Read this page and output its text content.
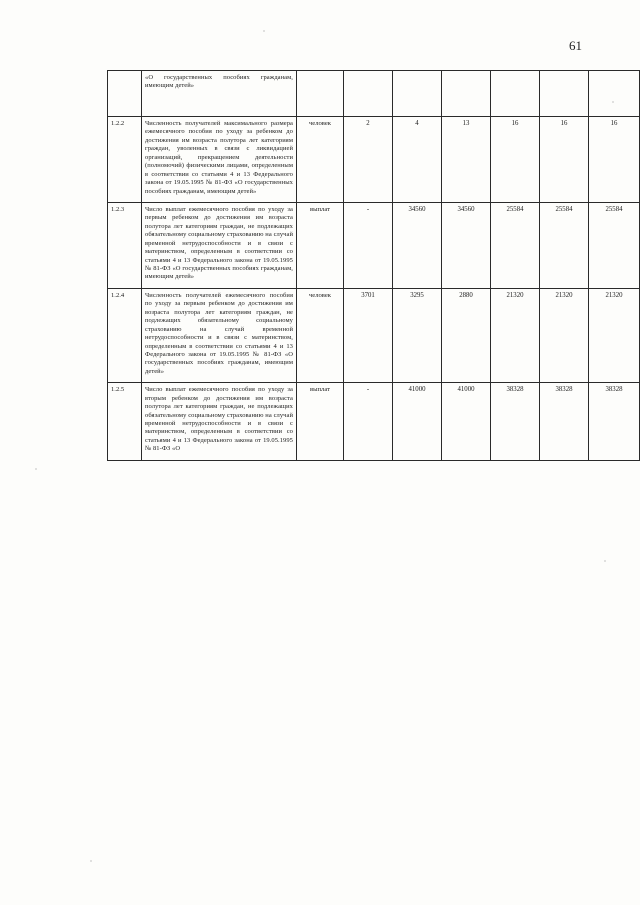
61
	«О государственных пособиях гражданам, имеющим детей»							
1.2.2	Численность получателей максимального размера ежемесячного пособия по уходу за ребенком до достижения им возраста полутора лет категориям граждан, уволенных в связи с ликвидацией организаций, прекращением деятельности (полномочий) физическими лицами, определенным в соответствии со статьями 4 и 13 Федерального закона от 19.05.1995 № 81-ФЗ «О государственных пособиях гражданам, имеющим детей»	человек	2	4	13	16	16	16
1.2.3	Число выплат ежемесячного пособия по уходу за первым ребенком до достижения им возраста полутора лет категориям граждан, не подлежащих обязательному социальному страхованию на случай временной нетрудоспособности и в связи с материнством, определенным в соответствии со статьями 4 и 13 Федерального закона от 19.05.1995 № 81-ФЗ «О государственных пособиях гражданам, имеющим детей»	выплат	-	34560	34560	25584	25584	25584
1.2.4	Численность получателей ежемесячного пособия по уходу за первым ребенком до достижения им возраста полутора лет категориям граждан, не подлежащих обязательному социальному страхованию на случай временной нетрудоспособности и в связи с материнством, определенным в соответствии со статьями 4 и 13 Федерального закона от 19.05.1995 № 81-ФЗ «О государственных пособиях гражданам, имеющим детей»	человек	3701	3295	2880	21320	21320	21320
1.2.5	Число выплат ежемесячного пособия по уходу за вторым ребенком до достижения им возраста полутора лет категориям граждан, не подлежащих обязательному социальному страхованию на случай временной нетрудоспособности и в связи с материнством, определенным в соответствии со статьями 4 и 13 Федерального закона от 19.05.1995 № 81-ФЗ «О	выплат	-	41000	41000	38328	38328	38328
